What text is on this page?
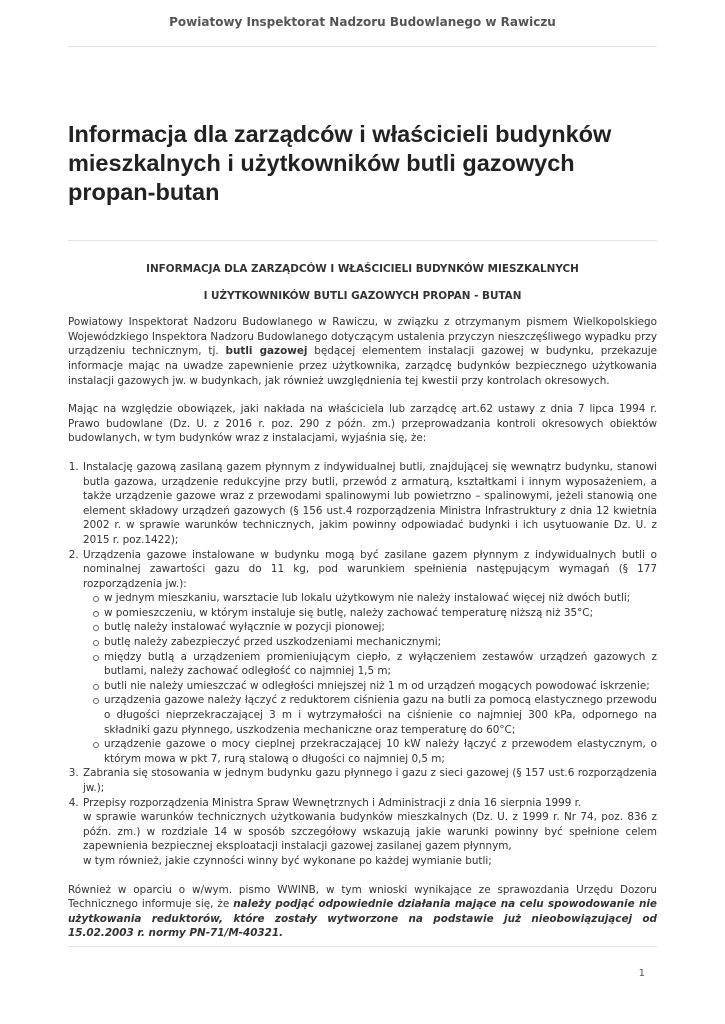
Powiatowy Inspektorat Nadzoru Budowlanego w Rawiczu
Informacja dla zarządców i właścicieli budynków mieszkalnych i użytkowników butli gazowych propan-butan

INFORMACJA DLA ZARZĄDCÓW I WŁAŚCICIELI BUDYNKÓW MIESZKALNYCH

I UŻYTKOWNIKÓW BUTLI GAZOWYCH PROPAN - BUTAN

Powiatowy Inspektorat Nadzoru Budowlanego w Rawiczu, w związku z otrzymanym pismem Wielkopolskiego Wojewódzkiego Inspektora Nadzoru Budowlanego dotyczącym ustalenia przyczyn nieszczęśliwego wypadku przy urządzeniu technicznym, tj. butli gazowej będącej elementem instalacji gazowej w budynku, przekazuje informacje mając na uwadze zapewnienie przez użytkownika, zarządcę budynków bezpiecznego użytkowania instalacji gazowych jw. w budynkach, jak również uwzględnienia tej kwestii przy kontrolach okresowych.

Mając na względzie obowiązek, jaki nakłada na właściciela lub zarządcę art.62 ustawy z dnia 7 lipca 1994 r. Prawo budowlane (Dz. U. z 2016 r. poz. 290 z późn. zm.) przeprowadzania kontroli okresowych obiektów budowlanych, w tym budynków wraz z instalacjami, wyjaśnia się, że:

1. Instalację gazową zasilaną gazem płynnym z indywidualnej butli, znajdującej się wewnątrz budynku, stanowi butla gazowa, urządzenie redukcyjne przy butli, przewód z armaturą, kształtkami i innym wyposażeniem, a także urządzenie gazowe wraz z przewodami spalinowymi lub powietrzno – spalinowymi, jeżeli stanowią one element składowy urządzeń gazowych (§ 156 ust.4 rozporządzenia Ministra Infrastruktury z dnia 12 kwietnia 2002 r. w sprawie warunków technicznych, jakim powinny odpowiadać budynki i ich usytuowanie Dz. U. z 2015 r. poz.1422);
2. Urządzenia gazowe instalowane w budynku mogą być zasilane gazem płynnym z indywidualnych butli o nominalnej zawartości gazu do 11 kg, pod warunkiem spełnienia następującym wymagań (§ 177 rozporządzenia jw.):
w jednym mieszkaniu, warsztacie lub lokalu użytkowym nie należy instalować więcej niż dwóch butli;
w pomieszczeniu, w którym instaluje się butlę, należy zachować temperaturę niższą niż 35°C;
butlę należy instalować wyłącznie w pozycji pionowej;
butlę należy zabezpieczyć przed uszkodzeniami mechanicznymi;
między butlą a urządzeniem promieniującym ciepło, z wyłączeniem zestawów urządzeń gazowych z butlami, należy zachować odległość co najmniej 1,5 m;
butli nie należy umieszczać w odległości mniejszej niż 1 m od urządzeń mogących powodować iskrzenie;
urządzenia gazowe należy łączyć z reduktorem ciśnienia gazu na butli za pomocą elastycznego przewodu o długości nieprzekraczającej 3 m i wytrzymałości na ciśnienie co najmniej 300 kPa, odpornego na składniki gazu płynnego, uszkodzenia mechaniczne oraz temperaturę do 60°C;
urządzenie gazowe o mocy cieplnej przekraczającej 10 kW należy łączyć z przewodem elastycznym, o którym mowa w pkt 7, rurą stalową o długości co najmniej 0,5 m;
3. Zabrania się stosowania w jednym budynku gazu płynnego i gazu z sieci gazowej (§ 157 ust.6 rozporządzenia jw.);
4. Przepisy rozporządzenia Ministra Spraw Wewnętrznych i Administracji z dnia 16 sierpnia 1999 r.
w sprawie warunków technicznych użytkowania budynków mieszkalnych (Dz. U. z 1999 r. Nr 74, poz. 836 z późn. zm.) w rozdziale 14 w sposób szczegółowy wskazują jakie warunki powinny być spełnione celem zapewnienia bezpiecznej eksploatacji instalacji gazowej zasilanej gazem płynnym,
w tym również, jakie czynności winny być wykonane po każdej wymianie butli;

Również w oparciu o w/wym. pismo WWINB, w tym wnioski wynikające ze sprawozdania Urzędu Dozoru Technicznego informuje się, że należy podjąć odpowiednie działania mające na celu spowodowanie nie użytkowania reduktorów, które zostały wytworzone na podstawie już nieobowiązującej od 15.02.2003 r. normy PN-71/M-40321.

1
